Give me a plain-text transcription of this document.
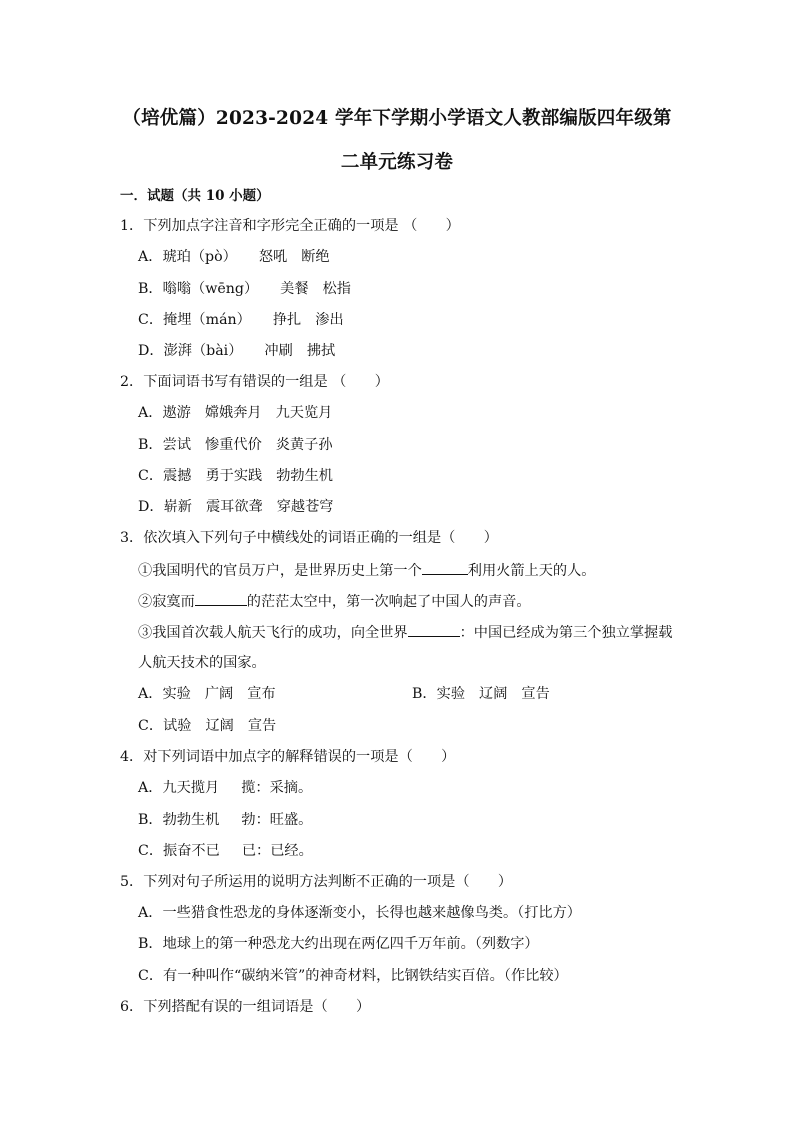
（培优篇）2023-2024 学年下学期小学语文人教部编版四年级第
二单元练习卷
一．试题（共 10 小题）
1．下列加点字注音和字形完全正确的一项是 （　　）
A．琥珀（pò） 怒吼 断绝
B．嗡嗡（wēng） 美餐 松指
C．掩埋（mán） 挣扎 渗出
D．澎湃（bài） 冲刷 拂拭
2．下面词语书写有错误的一组是 （　　）
A．遨游 嫦娥奔月 九天览月
B．尝试 惨重代价 炎黄子孙
C．震撼 勇于实践 勃勃生机
D．崭新 震耳欲聋 穿越苍穹
3．依次填入下列句子中横线处的词语正确的一组是（　　）
①我国明代的官员万户，是世界历史上第一个	利用火箭上天的人。
②寂寞而	的茫茫太空中，第一次响起了中国人的声音。
③我国首次载人航天飞行的成功，向全世界	：中国已经成为第三个独立掌握载
人航天技术的国家。
A．实验 广阔 宣布	B．实验 辽阔 宣告
C．试验 辽阔 宣告
4．对下列词语中加点字的解释错误的一项是（　　）
A．九天揽月 揽：采摘。
B．勃勃生机 勃：旺盛。
C．振奋不已 已：已经。
5．下列对句子所运用的说明方法判断不正确的一项是（　　）
A．一些猎食性恐龙的身体逐渐变小，长得也越来越像鸟类。（打比方）
B．地球上的第一种恐龙大约出现在两亿四千万年前。（列数字）
C．有一种叫作“碳纳米管”的神奇材料，比钢铁结实百倍。（作比较）
6．下列搭配有误的一组词语是（　　）
